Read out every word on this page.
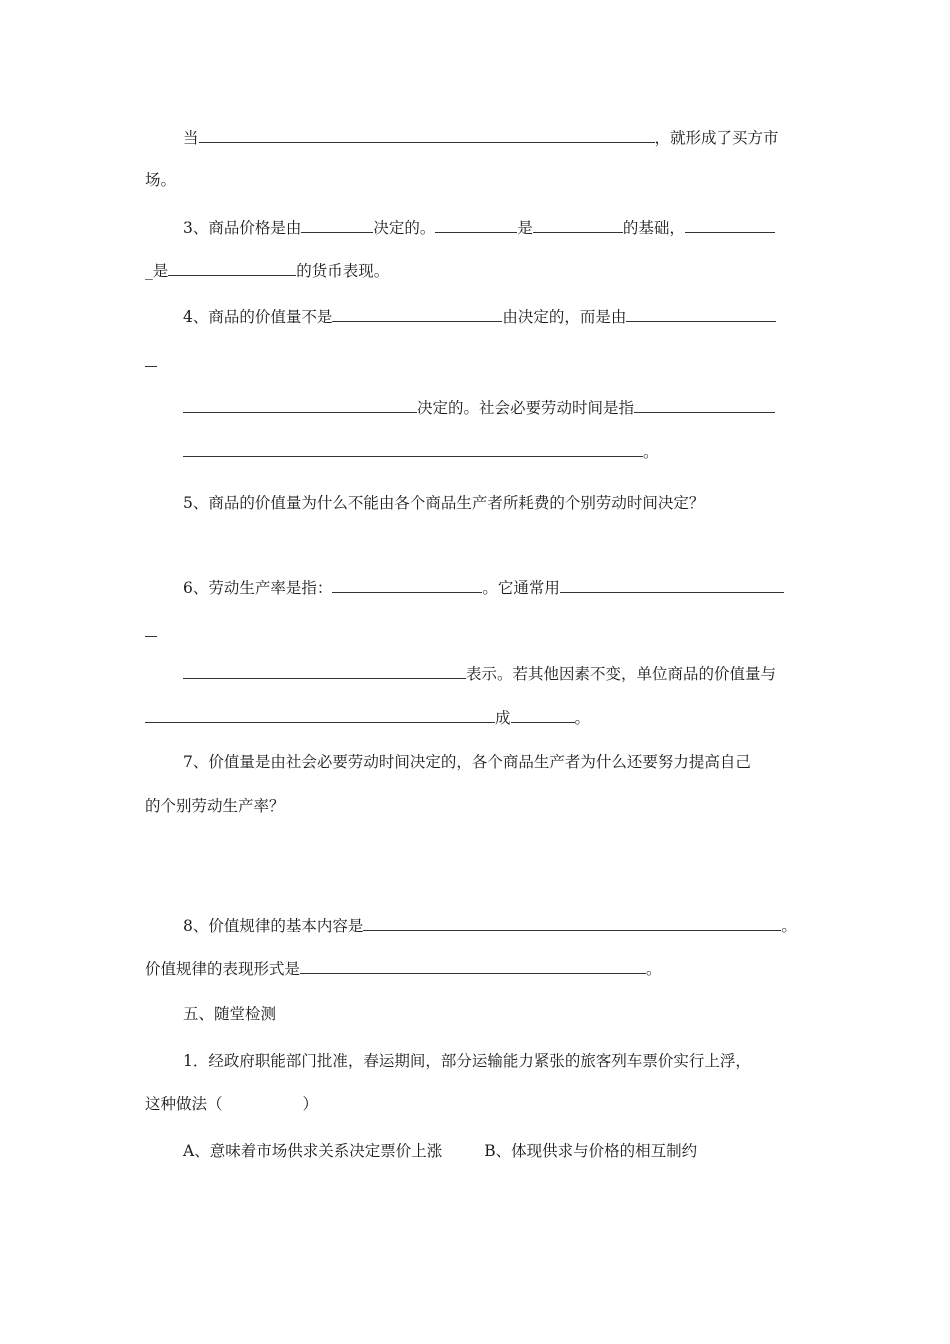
当	，就形成了买方市
场。
3、商品价格是由	决定的。	是	的基础，
_是	的货币表现。
4、商品的价值量不是	由决定的，而是由
决定的。社会必要劳动时间是指
。
5、商品的价值量为什么不能由各个商品生产者所耗费的个别劳动时间决定？
6、劳动生产率是指：	。它通常用
表示。若其他因素不变，单位商品的价值量与
成	。
7、价值量是由社会必要劳动时间决定的，各个商品生产者为什么还要努力提高自己
的个别劳动生产率？
8、价值规律的基本内容是	。
价值规律的表现形式是	。
五、随堂检测
1．经政府职能部门批准，春运期间，部分运输能力紧张的旅客列车票价实行上浮，
这种做法（	）
A、意味着市场供求关系决定票价上涨	B、体现供求与价格的相互制约
